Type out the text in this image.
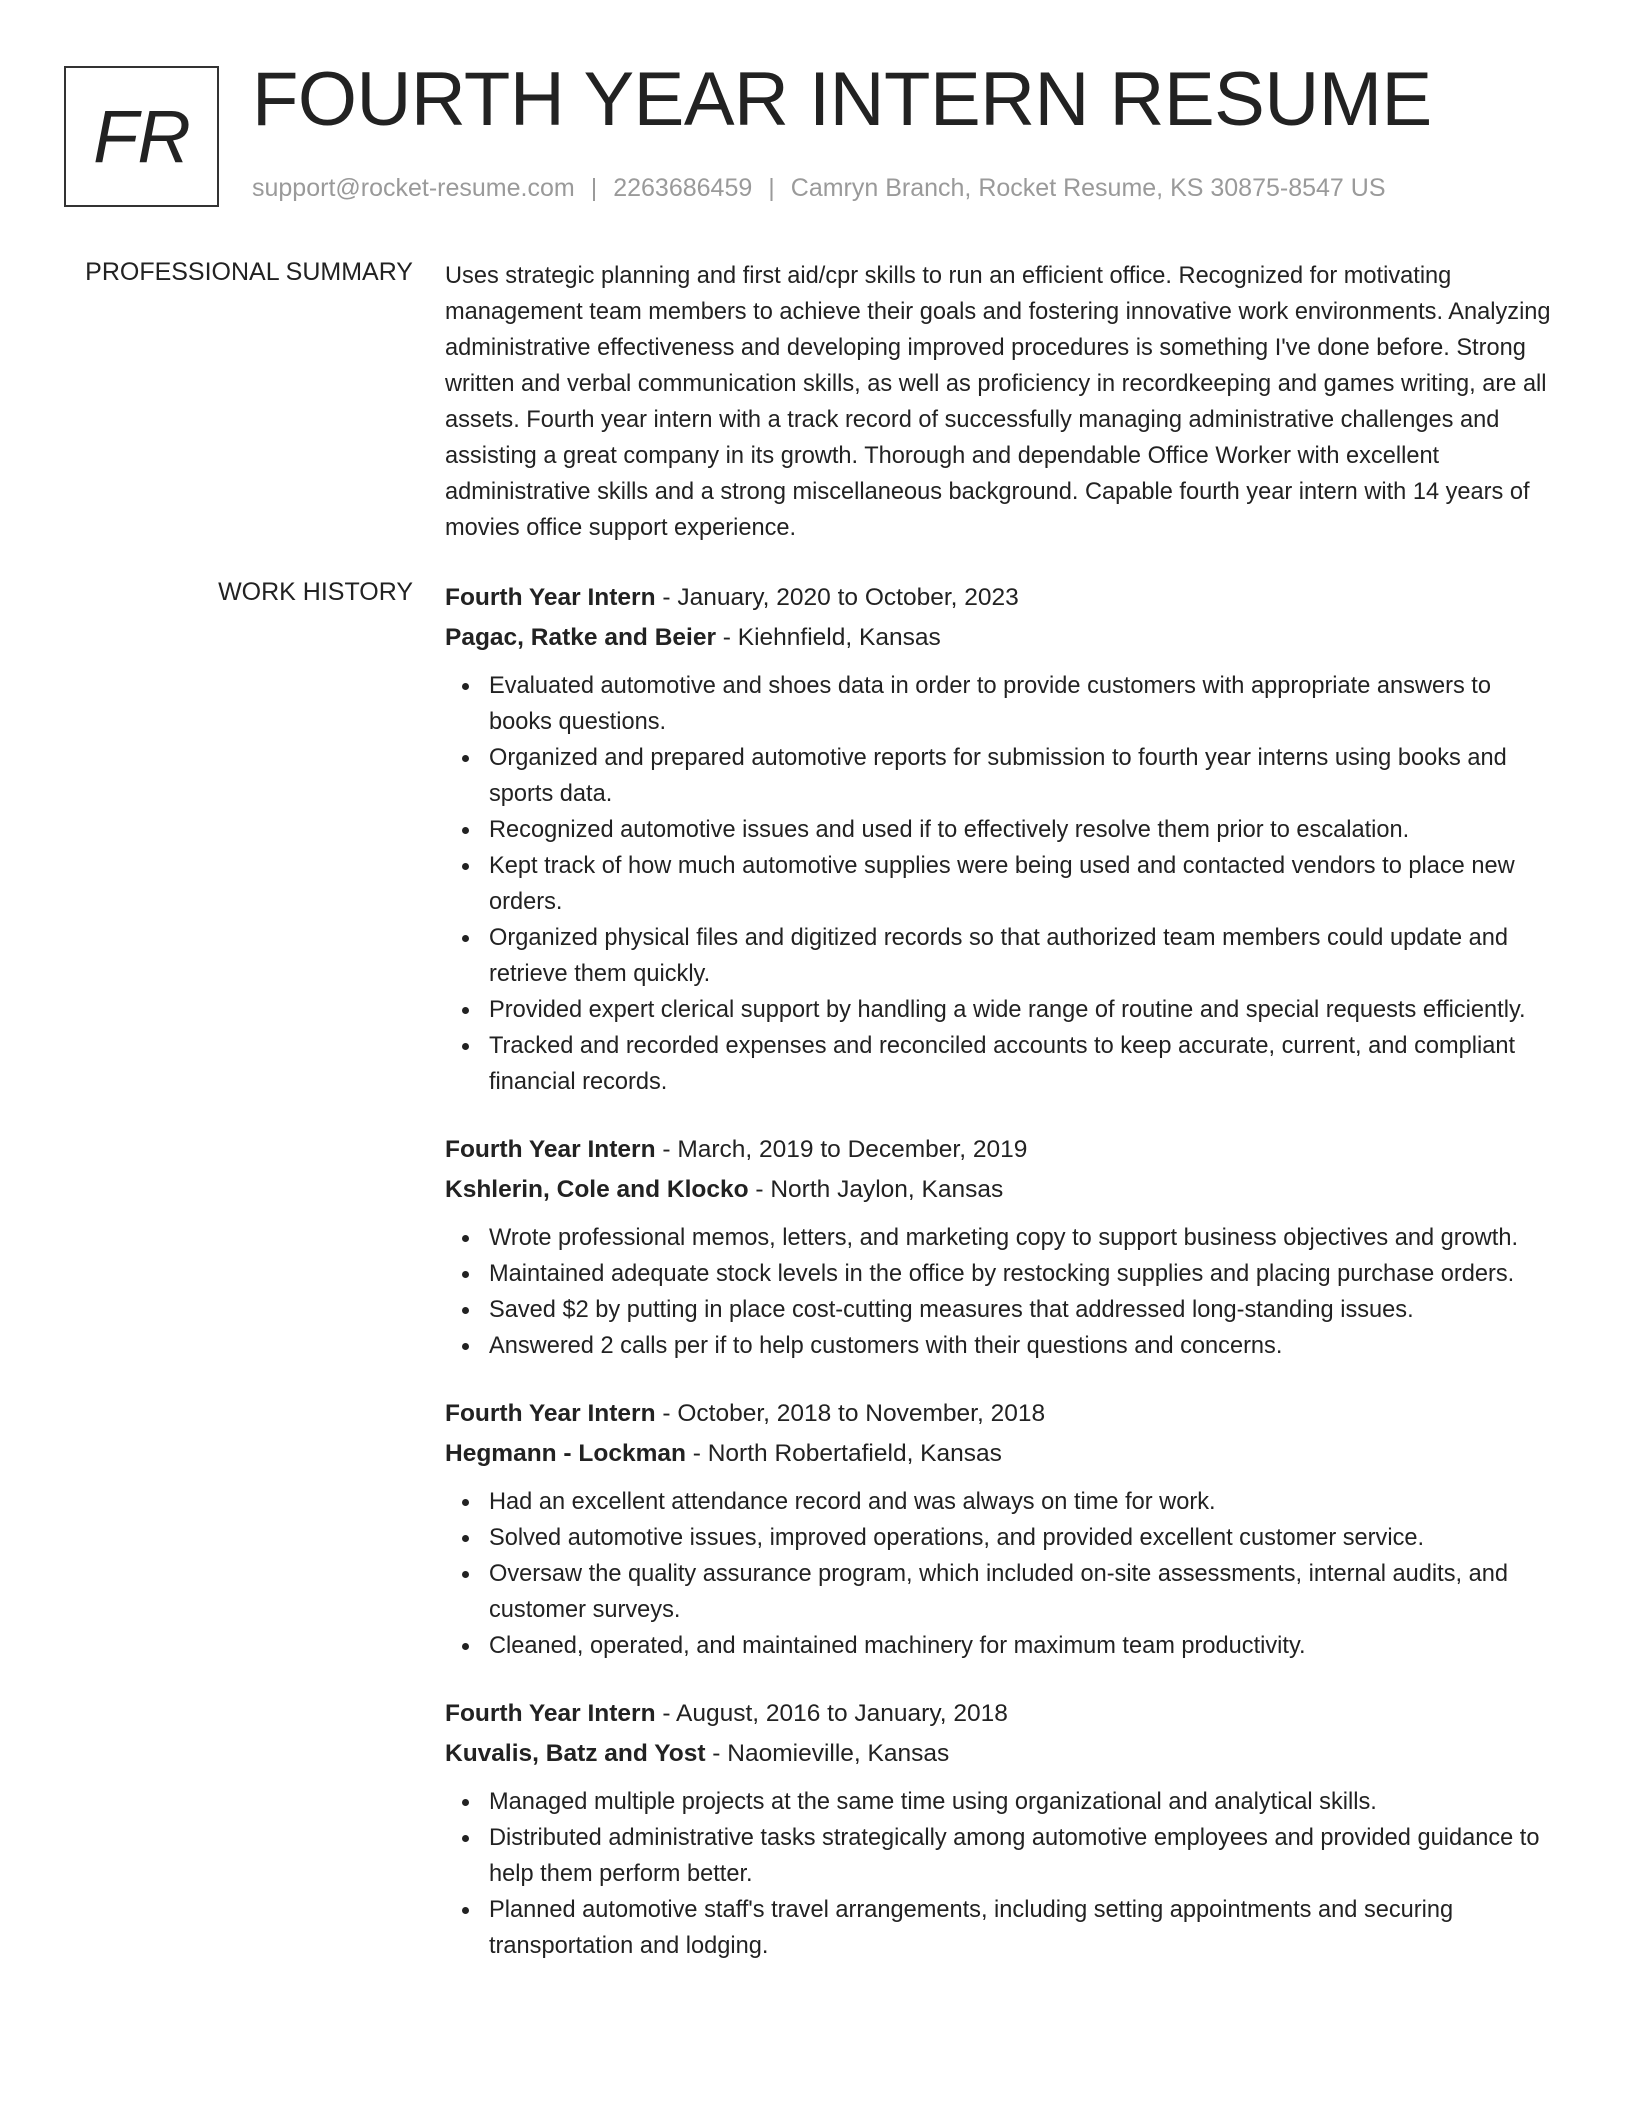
FR FOURTH YEAR INTERN RESUME
support@rocket-resume.com | 2263686459 | Camryn Branch, Rocket Resume, KS 30875-8547 US
PROFESSIONAL SUMMARY Uses strategic planning and first aid/cpr skills to run an efficient office. Recognized for motivating management team members to achieve their goals and fostering innovative work environments. Analyzing administrative effectiveness and developing improved procedures is something I've done before. Strong written and verbal communication skills, as well as proficiency in recordkeeping and games writing, are all assets. Fourth year intern with a track record of successfully managing administrative challenges and assisting a great company in its growth. Thorough and dependable Office Worker with excellent administrative skills and a strong miscellaneous background. Capable fourth year intern with 14 years of movies office support experience.

WORK HISTORY Fourth Year Intern - January, 2020 to October, 2023
Pagac, Ratke and Beier - Kiehnfield, Kansas
Evaluated automotive and shoes data in order to provide customers with appropriate answers to books questions.
Organized and prepared automotive reports for submission to fourth year interns using books and sports data.
Recognized automotive issues and used if to effectively resolve them prior to escalation.
Kept track of how much automotive supplies were being used and contacted vendors to place new orders.
Organized physical files and digitized records so that authorized team members could update and retrieve them quickly.
Provided expert clerical support by handling a wide range of routine and special requests efficiently.
Tracked and recorded expenses and reconciled accounts to keep accurate, current, and compliant financial records.
Fourth Year Intern - March, 2019 to December, 2019
Kshlerin, Cole and Klocko - North Jaylon, Kansas
Wrote professional memos, letters, and marketing copy to support business objectives and growth.
Maintained adequate stock levels in the office by restocking supplies and placing purchase orders.
Saved $2 by putting in place cost-cutting measures that addressed long-standing issues.
Answered 2 calls per if to help customers with their questions and concerns.
Fourth Year Intern - October, 2018 to November, 2018
Hegmann - Lockman - North Robertafield, Kansas
Had an excellent attendance record and was always on time for work.
Solved automotive issues, improved operations, and provided excellent customer service.
Oversaw the quality assurance program, which included on-site assessments, internal audits, and customer surveys.
Cleaned, operated, and maintained machinery for maximum team productivity.
Fourth Year Intern - August, 2016 to January, 2018
Kuvalis, Batz and Yost - Naomieville, Kansas
Managed multiple projects at the same time using organizational and analytical skills.
Distributed administrative tasks strategically among automotive employees and provided guidance to help them perform better.
Planned automotive staff's travel arrangements, including setting appointments and securing transportation and lodging.
